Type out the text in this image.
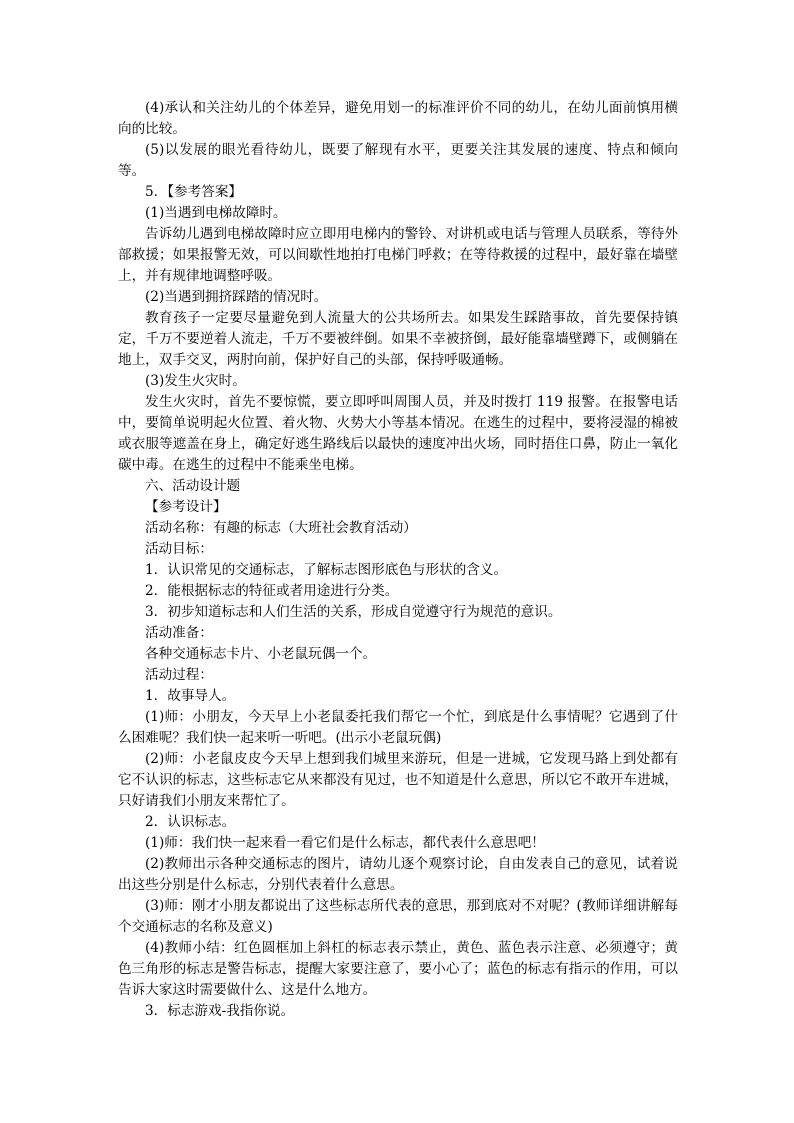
(4)承认和关注幼儿的个体差异，避免用划一的标准评价不同的幼儿，在幼儿面前慎用横向的比较。

(5)以发展的眼光看待幼儿，既要了解现有水平，更要关注其发展的速度、特点和倾向等。

5．【参考答案】

(1)当遇到电梯故障时。

告诉幼儿遇到电梯故障时应立即用电梯内的警铃、对讲机或电话与管理人员联系，等待外部救援；如果报警无效，可以间歇性地拍打电梯门呼救；在等待救援的过程中，最好靠在墙壁上，并有规律地调整呼吸。

(2)当遇到拥挤踩踏的情况时。

教育孩子一定要尽量避免到人流量大的公共场所去。如果发生踩踏事故，首先要保持镇定，千万不要逆着人流走，千万不要被绊倒。如果不幸被挤倒，最好能靠墙壁蹲下，或侧躺在地上，双手交叉，两肘向前，保护好自己的头部，保持呼吸通畅。

(3)发生火灾时。

发生火灾时，首先不要惊慌，要立即呼叫周围人员，并及时拨打 119 报警。在报警电话中，要简单说明起火位置、着火物、火势大小等基本情况。在逃生的过程中，要将浸湿的棉被或衣服等遮盖在身上，确定好逃生路线后以最快的速度冲出火场，同时捂住口鼻，防止一氧化碳中毒。在逃生的过程中不能乘坐电梯。

六、活动设计题

【参考设计】

活动名称：有趣的标志（大班社会教育活动）

活动目标：

1．认识常见的交通标志，了解标志图形底色与形状的含义。

2．能根据标志的特征或者用途进行分类。

3．初步知道标志和人们生活的关系，形成自觉遵守行为规范的意识。

活动准备：

各种交通标志卡片、小老鼠玩偶一个。

活动过程：

1．故事导人。

(1)师：小朋友，今天早上小老鼠委托我们帮它一个忙，到底是什么事情呢？它遇到了什么困难呢？我们快一起来听一听吧。(出示小老鼠玩偶)

(2)师：小老鼠皮皮今天早上想到我们城里来游玩，但是一进城，它发现马路上到处都有它不认识的标志，这些标志它从来都没有见过，也不知道是什么意思，所以它不敢开车进城，只好请我们小朋友来帮忙了。

2．认识标志。

(1)师：我们快一起来看一看它们是什么标志，都代表什么意思吧！

(2)教师出示各种交通标志的图片，请幼儿逐个观察讨论，自由发表自己的意见，试着说出这些分别是什么标志，分别代表着什么意思。

(3)师：刚才小朋友都说出了这些标志所代表的意思，那到底对不对呢？(教师详细讲解每个交通标志的名称及意义)

(4)教师小结：红色圆框加上斜杠的标志表示禁止，黄色、蓝色表示注意、必须遵守；黄色三角形的标志是警告标志，提醒大家要注意了，要小心了；蓝色的标志有指示的作用，可以告诉大家这时需要做什么、这是什么地方。

3．标志游戏-我指你说。
